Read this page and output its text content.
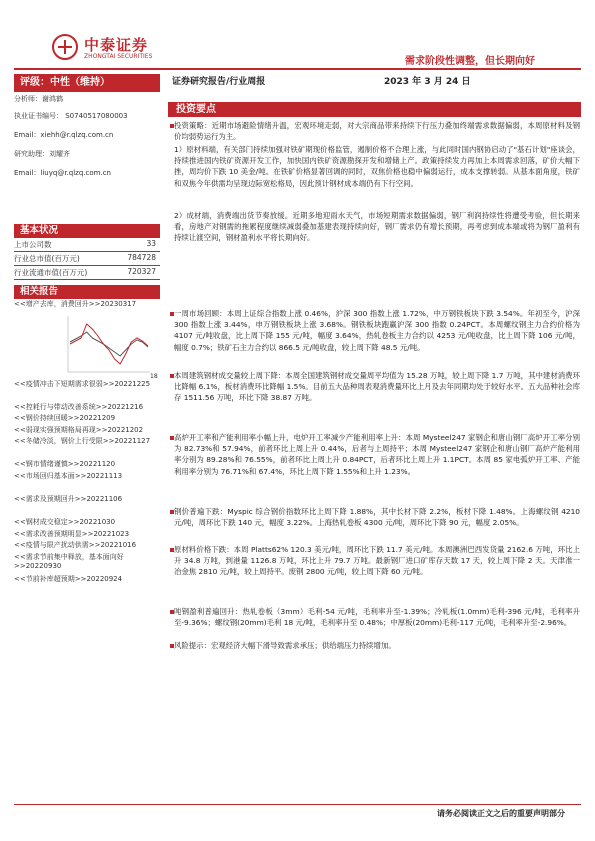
中泰证券
ZHONGTAI SECURITIES	需求阶段性调整，但长期向好
评级：中性（维持）
分析师：谢鸿鹤
执业证书编号： S0740517080003
Email：xiehh@r.qlzq.com.cn
研究助理：刘耀齐
Email：liuyq@r.qlzq.com.cn
基本状况
上市公司数	33
行业总市值(百万元)	784728
行业流通市值(百万元)	720327
相关报告
<<增产去库，消费回升>>20230317
18
<<疫情冲击下短期需求很弱>>20221225
<<控耗行与带动改善系统>>20221216
<<钢价持续回暖>>20221209
<<弱现实强预期格局再现>>20221202
<<冬储冷淡，钢价上行受限>>20221127
<<钢市情绪谨慎>>20221120
<<市场回归基本面>>20221113
<<需求及预期回升>>20221106
<<钢材成交稳定>>20221030
<<需求改善预期明显>>20221023
<<疫情与限产扰动供需>>20221016
<<需求节前集中释放，基本面向好>>20220930
<<节前补库超预期>>20220924
证券研究报告/行业周报	2023 年 3 月 24 日
投资要点
投资策略：近期市场避险情绪升温，宏观环境走弱，对大宗商品带来持续下行压力叠加终端需求数据偏弱，本周原材料及钢价均弱势运行为主。
1）原材料端，有关部门持续加强对铁矿期现价格监管，遏制价格不合理上涨，与此同时国内钢协启动了"基石计划"座谈会，持续推进国内铁矿资源开发工作，加快国内铁矿资源勘探开发和增储上产。政策持续发力再加上本周需求回落，矿价大幅下挫，周均价下跌 10 美金/吨。在铁矿价格显著回调的同时，双焦价格也稳中偏弱运行，成本支撑转弱。从基本面角度，铁矿和双焦今年供需均呈现边际宽松格局，因此预计钢材成本端仍有下行空间。
2）成材端，消费端出货节奏放缓。近期多地迎雨水天气，市场短期需求数据偏弱，钢厂利润持续性将遭受考验，但长期来看，房地产对钢需的拖累程度继续减弱叠加基建表现持续向好，钢厂需求仍有增长预期，再考虑到成本端或将为钢厂盈利有持续让渡空间，钢材盈利水平将长期向好。
一周市场回顾：本周上证综合指数上涨 0.46%，沪深 300 指数上涨 1.72%，中万钢铁板块下跌 3.54%。年初至今，沪深 300 指数上涨 3.44%，申万钢铁板块上涨 3.68%。钢铁板块跑赢沪深 300 指数 0.24PCT。本周螺纹钢主力合约价格为 4107 元/吨收盘，比上周下降 155 元/吨，幅度 3.64%，热轧卷板主力合约以 4253 元/吨收盘，比上周下降 106 元/吨，幅度 0.7%；铁矿石主力合约以 866.5 元/吨收盘，较上周下降 48.5 元/吨。
本周建筑钢材成交量较上周下降：本周全国建筑钢材成交量周平均值为 15.28 万吨，较上周下降 1.7 万吨，其中建材消费环比降幅 6.1%，板材消费环比降幅 1.5%。目前五大品种周表观消费量环比上月及去年同期均处于较好水平。五大品种社会库存 1511.56 万吨，环比下降 38.87 万吨。
高炉开工率和产能利用率小幅上升，电炉开工率减少产能利用率上升：本周 Mysteel247 家钢企和唐山钢厂高炉开工率分别为 82.73%和 57.94%，前者环比上周上升 0.44%，后者与上周持平；本周 Mysteel247 家钢企和唐山钢厂高炉产能利用率分别为 89.28%和 76.55%，前者环比上周上升 0.84PCT，后者环比上周上升 1.1PCT。本周 85 家电弧炉开工率、产能利用率分别为 76.71%和 67.4%，环比上周下降 1.55%和上升 1.23%。
钢价普遍下跌：Myspic 综合钢价指数环比上周下降 1.88%，其中长材下降 2.2%，板材下降 1.48%。上海螺纹钢 4210 元/吨，周环比下跌 140 元，幅度 3.22%。上海热轧卷板 4300 元/吨，周环比下降 90 元，幅度 2.05%。
原材料价格下跌：本周 Platts62% 120.3 美元/吨，周环比下跌 11.7 美元/吨。本周澳洲巴西发货量 2162.6 万吨，环比上升 34.8 万吨，到港量 1126.8 万吨，环比上升 79.7 万吨。最新钢厂进口矿库存天数 17 天，较上周下降 2 天。天津准一冶金焦 2810 元/吨，较上周持平。废钢 2800 元/吨，较上周下降 60 元/吨。
吨钢盈利普遍回升：热轧卷板（3mm）毛利-54 元/吨，毛利率升至-1.39%；冷轧板(1.0mm)毛利-396 元/吨，毛利率升至-9.36%；螺纹钢(20mm)毛利 18 元/吨，毛利率升至 0.48%；中厚板(20mm)毛利-117 元/吨，毛利率升至-2.96%。
风险提示：宏观经济大幅下滑导致需求承压；供给端压力持续增加。
请务必阅读正文之后的重要声明部分
